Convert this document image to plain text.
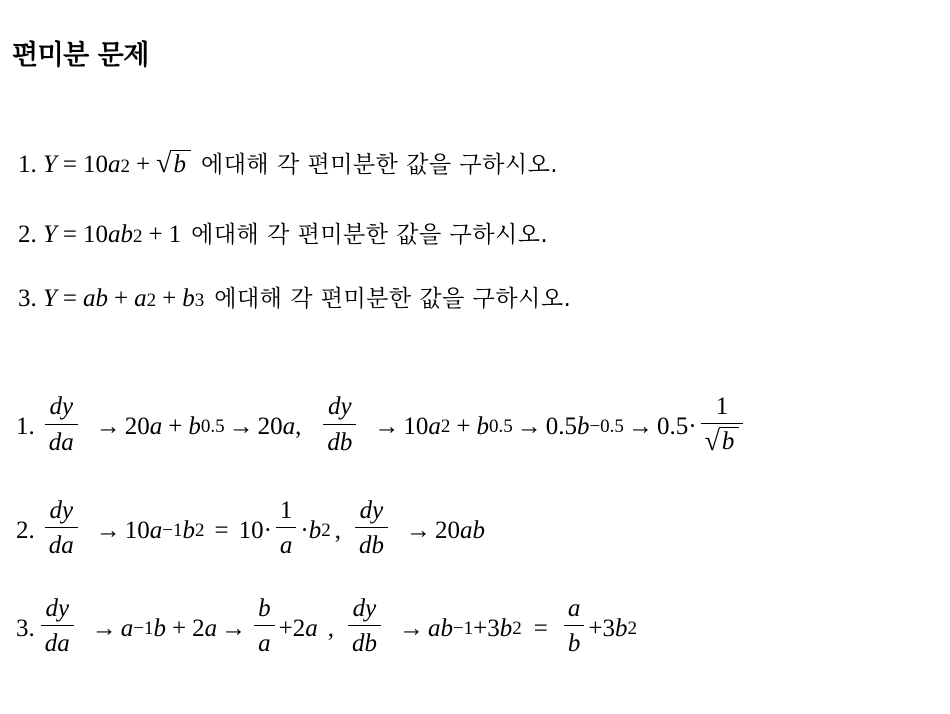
편미분 문제
1.
Y = 10 a 2 + √ b 에대해 각 편미분한 값을 구하시오.
2.
Y = 10 ab 2 + 1 에대해 각 편미분한 값을 구하시오.
3.
Y = ab + a 2 + b 3 에대해 각 편미분한 값을 구하시오.
1. $\frac{dy}{da} \to 20$ a + b 0.5 → 20 a , $\frac{dy}{db} \to 10$ a 2 + b 0.5 → 0.5 $b -0.5 \to 0.5 \cdot \frac{1}{√ b}$
2. $\frac{dy}{da} \to 10$ a −1 b $2 = 10 \cdot \frac{1}{a} \cdot b$ 2 , $\frac{dy}{db} \to 20$ ab
3. $\frac{dy}{da} \to a -1$ b + 2 $a \to \frac{b}{a} + 2$ a , $\frac{dy}{db}$ → ab −1 + 3 b $2 = \frac{a}{b} + 3$ b 2
